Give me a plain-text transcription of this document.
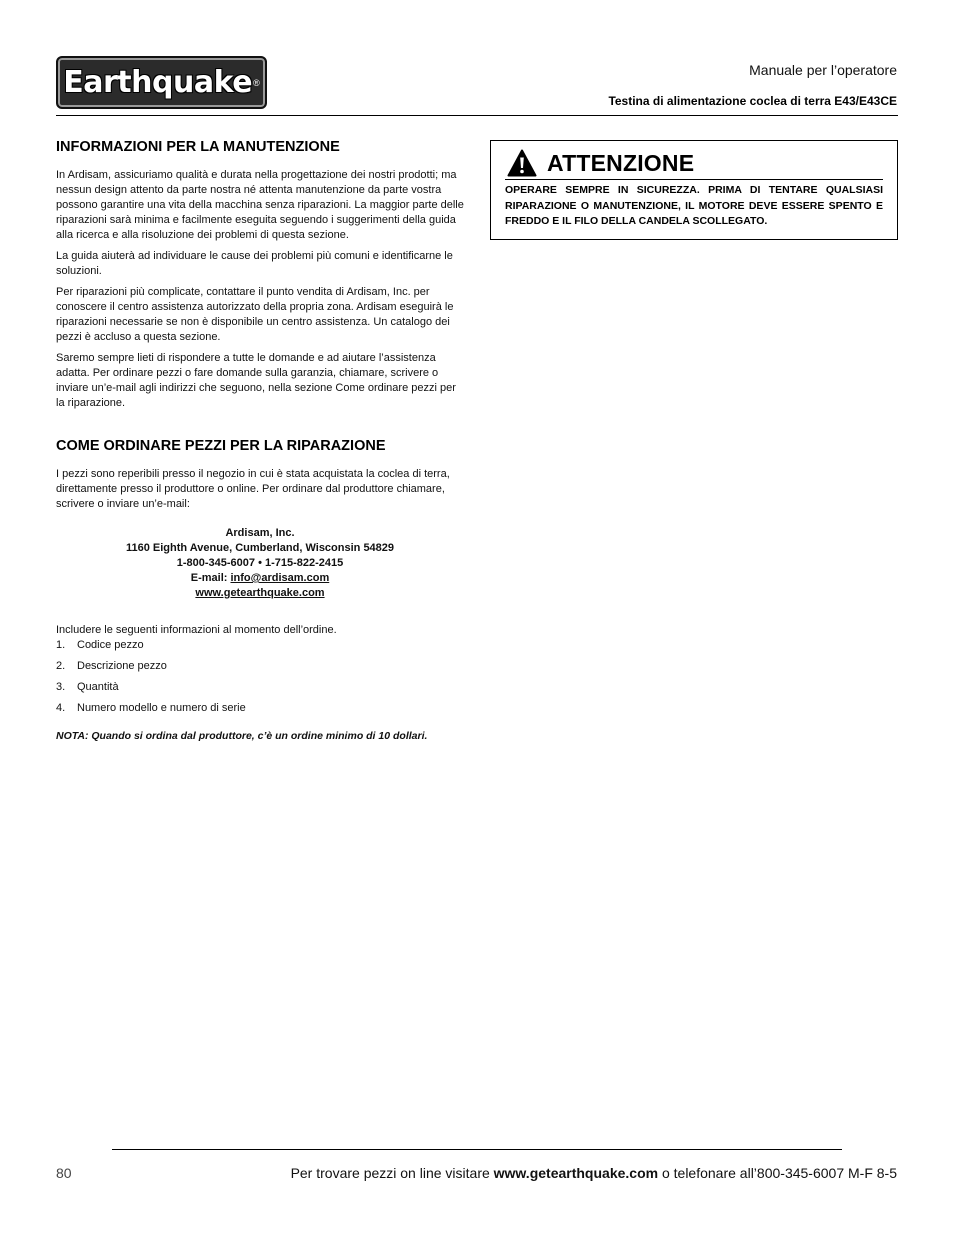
Earthquake ®
Manuale per l’operatore
Testina di alimentazione coclea di terra E43/E43CE
INFORMAZIONI PER LA MANUTENZIONE

In Ardisam, assicuriamo qualità e durata nella progettazione dei nostri prodotti; ma nessun design attento da parte nostra né attenta manutenzione da parte vostra possono garantire una vita della macchina senza riparazioni. La maggior parte delle riparazioni sarà minima e facilmente eseguita seguendo i suggerimenti della guida alla ricerca e alla risoluzione dei problemi di questa sezione.

La guida aiuterà ad individuare le cause dei problemi più comuni e identificarne le soluzioni.

Per riparazioni più complicate, contattare il punto vendita di Ardisam, Inc. per conoscere il centro assistenza autorizzato della propria zona. Ardisam eseguirà le riparazioni necessarie se non è disponibile un centro assistenza. Un catalogo dei pezzi è accluso a questa sezione.

Saremo sempre lieti di rispondere a tutte le domande e ad aiutare l’assistenza adatta. Per ordinare pezzi o fare domande sulla garanzia, chiamare, scrivere o inviare un’e-mail agli indirizzi che seguono, nella sezione Come ordinare pezzi per la riparazione.

COME ORDINARE PEZZI PER LA RIPARAZIONE

I pezzi sono reperibili presso il negozio in cui è stata acquistata la coclea di terra, direttamente presso il produttore o online. Per ordinare dal produttore chiamare, scrivere o inviare un’e-mail:

Ardisam, Inc.
1160 Eighth Avenue, Cumberland, Wisconsin 54829
1-800-345-6007 • 1-715-822-2415
E-mail: info@ardisam.com
www.getearthquake.com

Includere le seguenti informazioni al momento dell’ordine.

1.	Codice pezzo
2.	Descrizione pezzo
3.	Quantità
4.	Numero modello e numero di serie

NOTA: Quando si ordina dal produttore, c’è un ordine minimo di 10 dollari.

ATTENZIONE
OPERARE SEMPRE IN SICUREZZA. PRIMA DI TENTARE QUALSIASI RIPARAZIONE O MANUTENZIONE, IL MOTORE DEVE ESSERE SPENTO E FREDDO E IL FILO DELLA CANDELA SCOLLEGATO.
80	Per trovare pezzi on line visitare www.getearthquake.com o telefonare all’800-345-6007 M-F 8-5
